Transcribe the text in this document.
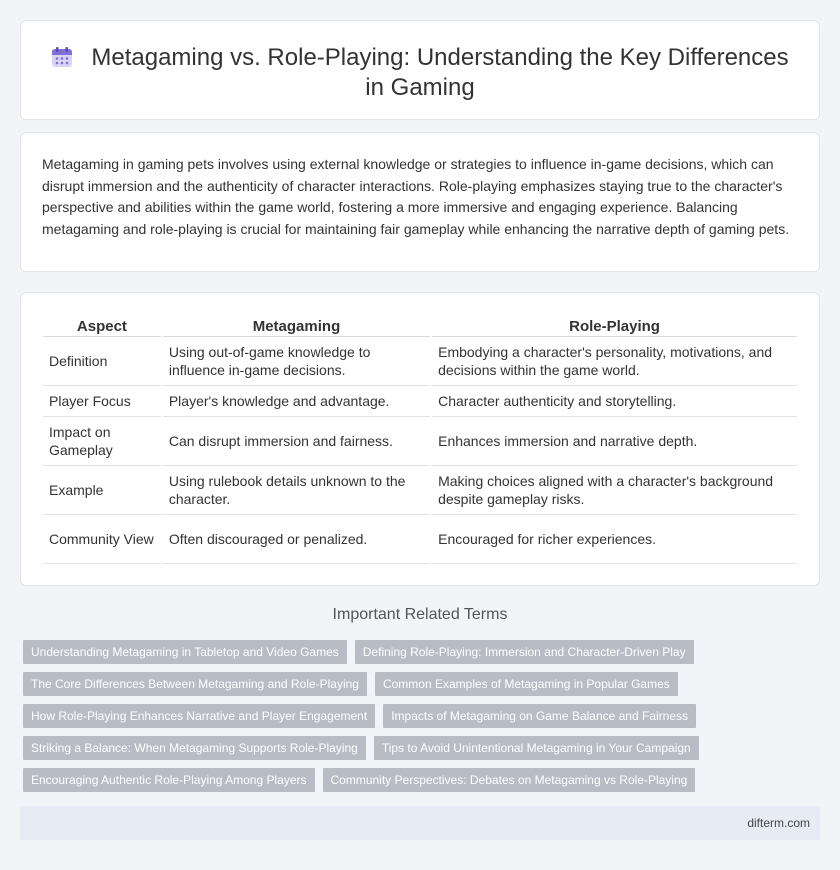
Metagaming vs. Role-Playing: Understanding the Key Differences in Gaming

Metagaming in gaming pets involves using external knowledge or strategies to influence in-game decisions, which can disrupt immersion and the authenticity of character interactions. Role-playing emphasizes staying true to the character's perspective and abilities within the game world, fostering a more immersive and engaging experience. Balancing metagaming and role-playing is crucial for maintaining fair gameplay while enhancing the narrative depth of gaming pets.

Aspect	Metagaming	Role-Playing
Definition	Using out-of-game knowledge to influence in-game decisions.	Embodying a character's personality, motivations, and decisions within the game world.
Player Focus	Player's knowledge and advantage.	Character authenticity and storytelling.
Impact on Gameplay	Can disrupt immersion and fairness.	Enhances immersion and narrative depth.
Example	Using rulebook details unknown to the character.	Making choices aligned with a character's background despite gameplay risks.
Community View	Often discouraged or penalized.	Encouraged for richer experiences.
Important Related Terms
Understanding Metagaming in Tabletop and Video Games	Defining Role-Playing: Immersion and Character-Driven Play
The Core Differences Between Metagaming and Role-Playing	Common Examples of Metagaming in Popular Games
How Role-Playing Enhances Narrative and Player Engagement	Impacts of Metagaming on Game Balance and Fairness
Striking a Balance: When Metagaming Supports Role-Playing	Tips to Avoid Unintentional Metagaming in Your Campaign
Encouraging Authentic Role-Playing Among Players	Community Perspectives: Debates on Metagaming vs Role-Playing
difterm.com
